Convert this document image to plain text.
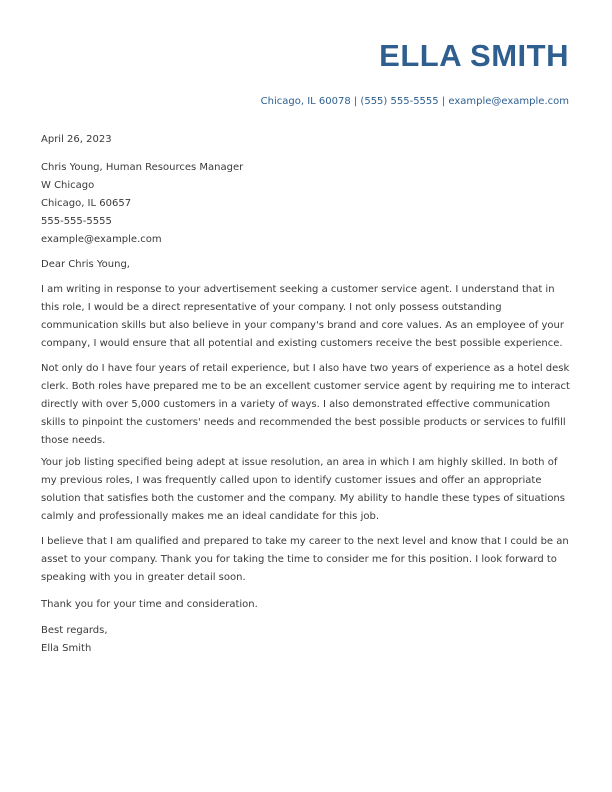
ELLA SMITH
Chicago, IL 60078 | (555) 555-5555 | example@example.com

April 26, 2023

Chris Young, Human Resources Manager
W Chicago
Chicago, IL 60657
555-555-5555
example@example.com

Dear Chris Young,

I am writing in response to your advertisement seeking a customer service agent. I understand that in this role, I would be a direct representative of your company. I not only possess outstanding communication skills but also believe in your company's brand and core values. As an employee of your company, I would ensure that all potential and existing customers receive the best possible experience.

Not only do I have four years of retail experience, but I also have two years of experience as a hotel desk clerk. Both roles have prepared me to be an excellent customer service agent by requiring me to interact directly with over 5,000 customers in a variety of ways. I also demonstrated effective communication skills to pinpoint the customers' needs and recommended the best possible products or services to fulfill those needs.

Your job listing specified being adept at issue resolution, an area in which I am highly skilled. In both of my previous roles, I was frequently called upon to identify customer issues and offer an appropriate solution that satisfies both the customer and the company. My ability to handle these types of situations calmly and professionally makes me an ideal candidate for this job.

I believe that I am qualified and prepared to take my career to the next level and know that I could be an asset to your company. Thank you for taking the time to consider me for this position. I look forward to speaking with you in greater detail soon.

Thank you for your time and consideration.

Best regards,
Ella Smith
